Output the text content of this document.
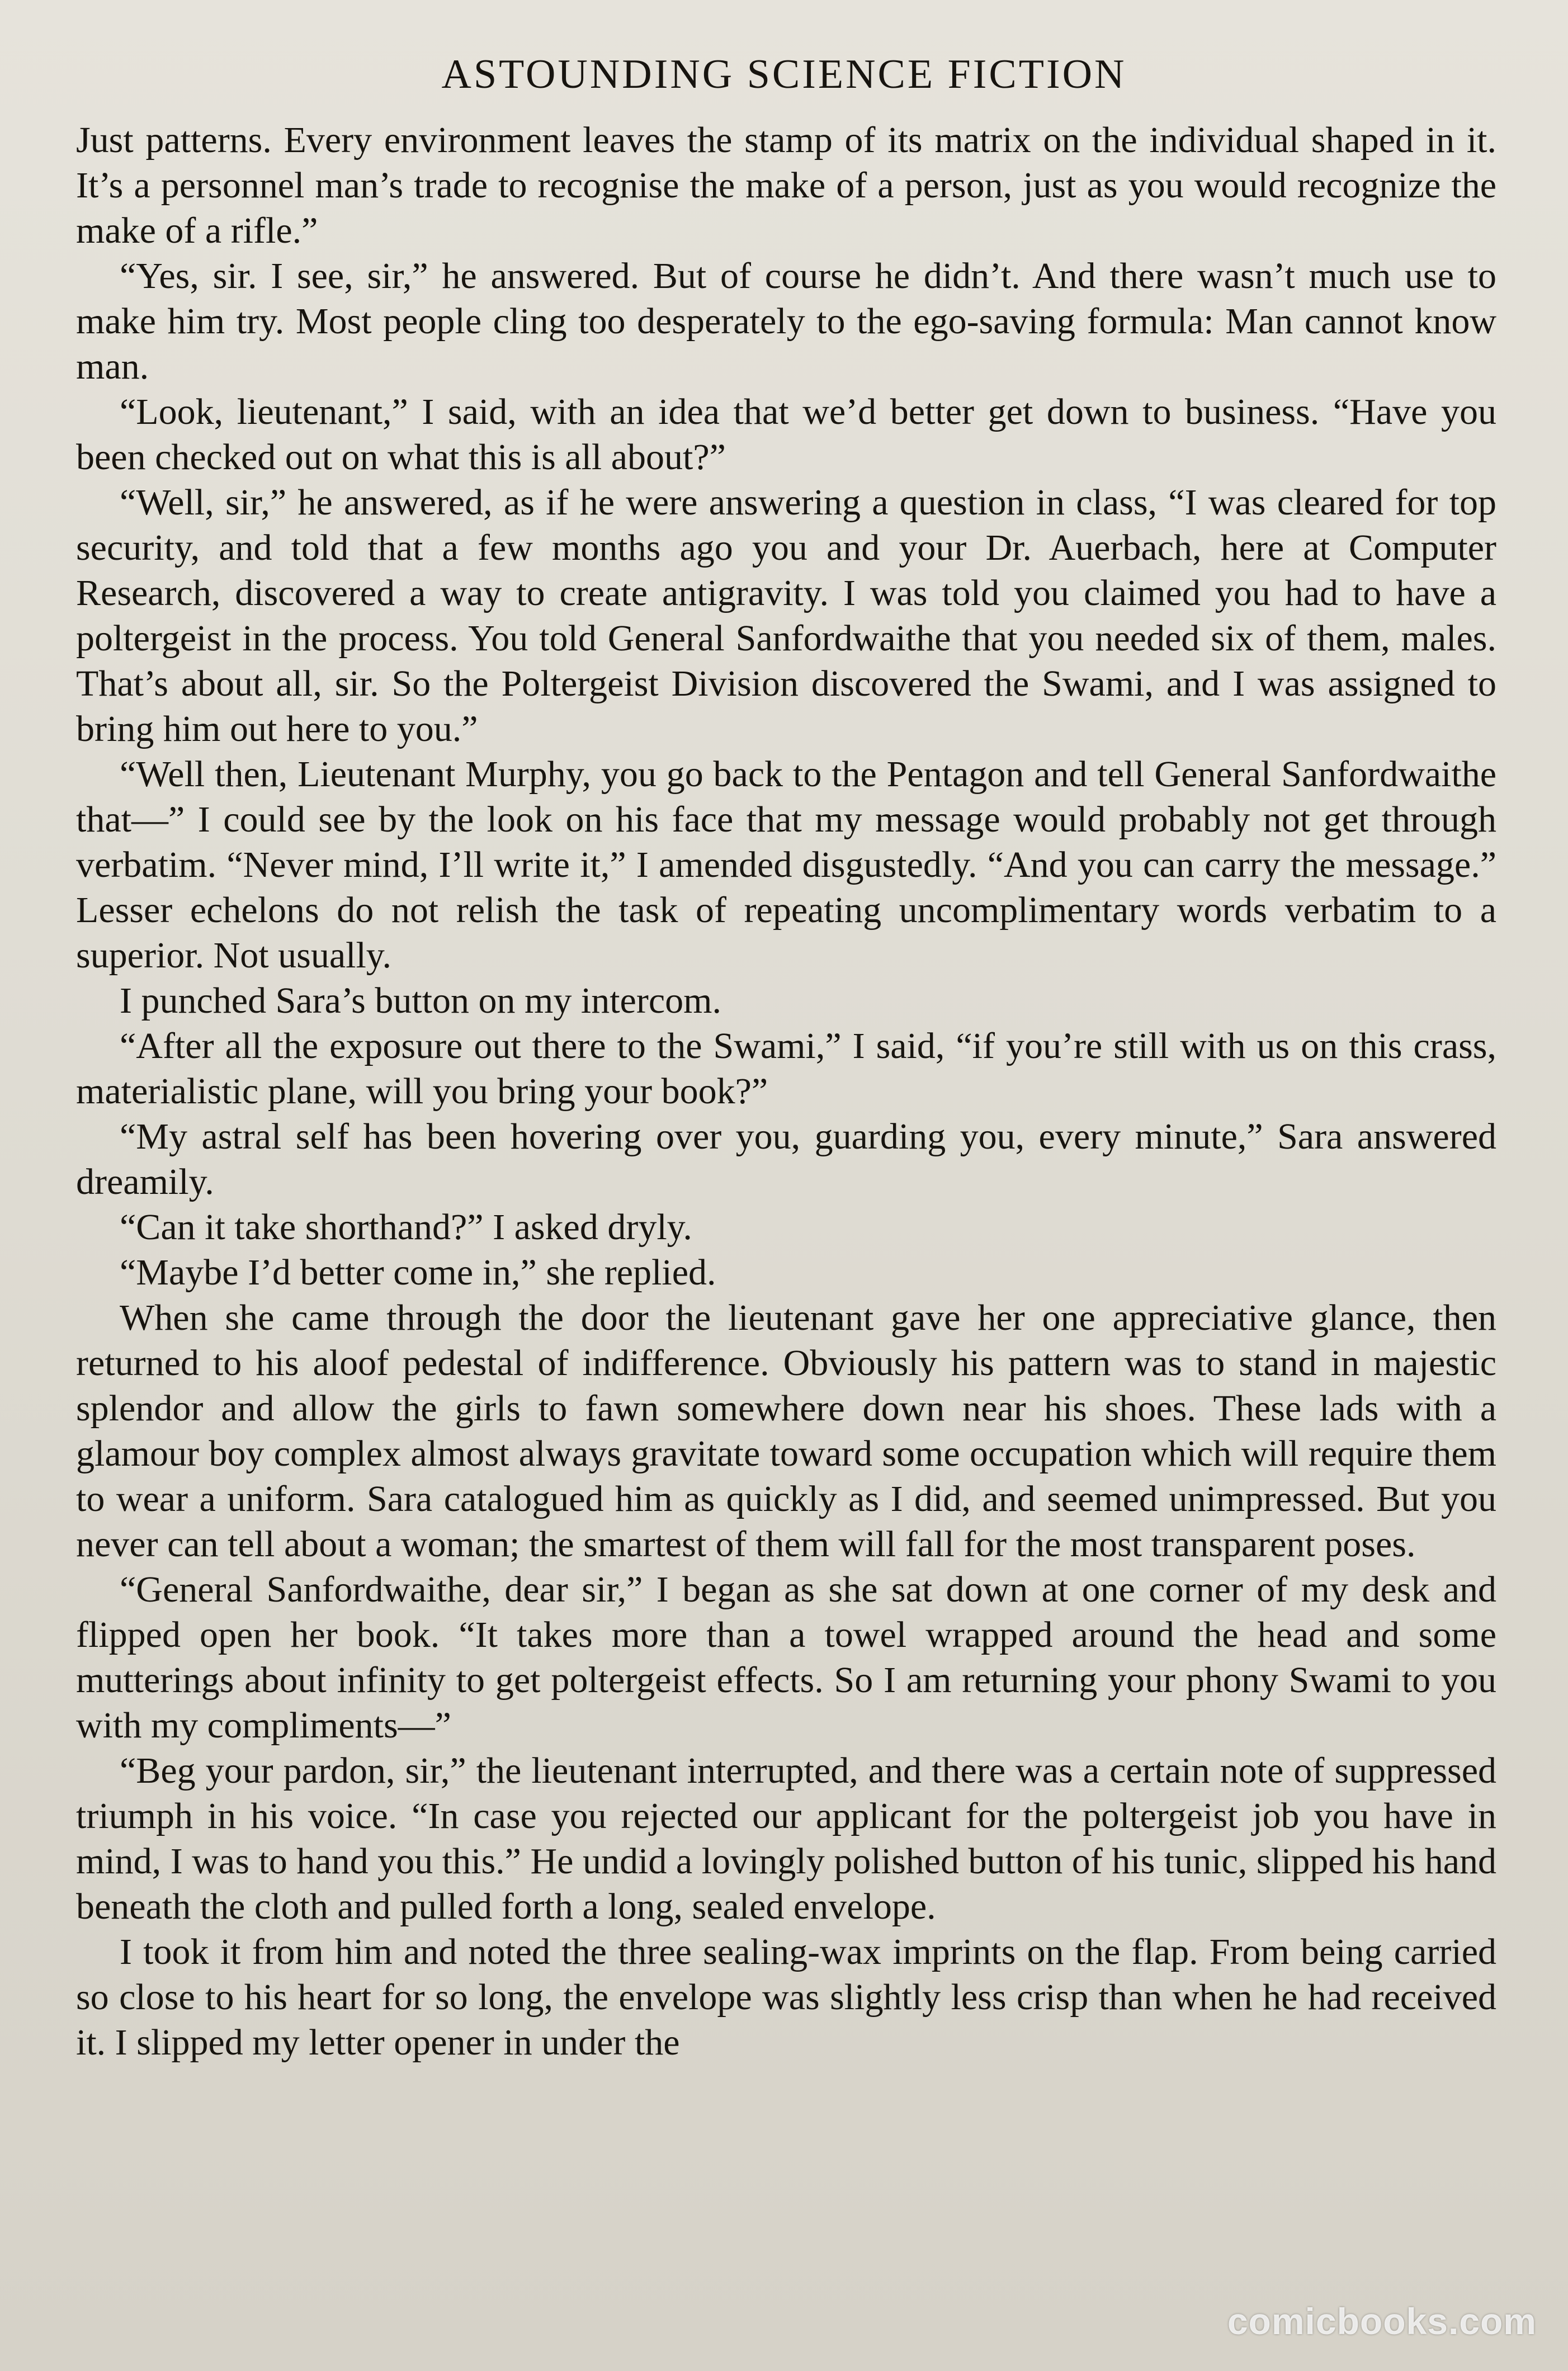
ASTOUNDING SCIENCE FICTION

Just patterns. Every environment leaves the stamp of its matrix on the individual shaped in it. It’s a personnel man’s trade to recognise the make of a person, just as you would recognize the make of a rifle.”

“Yes, sir. I see, sir,” he answered. But of course he didn’t. And there wasn’t much use to make him try. Most people cling too desperately to the ego-saving formula: Man cannot know man.

“Look, lieutenant,” I said, with an idea that we’d better get down to business. “Have you been checked out on what this is all about?”

“Well, sir,” he answered, as if he were answering a question in class, “I was cleared for top security, and told that a few months ago you and your Dr. Auerbach, here at Computer Research, discovered a way to create antigravity. I was told you claimed you had to have a poltergeist in the process. You told General Sanfordwaithe that you needed six of them, males. That’s about all, sir. So the Poltergeist Division discovered the Swami, and I was assigned to bring him out here to you.”

“Well then, Lieutenant Murphy, you go back to the Pentagon and tell General Sanfordwaithe that—” I could see by the look on his face that my message would probably not get through verbatim. “Never mind, I’ll write it,” I amended disgustedly. “And you can carry the message.” Lesser echelons do not relish the task of repeating uncomplimentary words verbatim to a superior. Not usually.

I punched Sara’s button on my intercom.

“After all the exposure out there to the Swami,” I said, “if you’re still with us on this crass, materialistic plane, will you bring your book?”

“My astral self has been hovering over you, guarding you, every minute,” Sara answered dreamily.

“Can it take shorthand?” I asked dryly.

“Maybe I’d better come in,” she replied.

When she came through the door the lieutenant gave her one appreciative glance, then returned to his aloof pedestal of indifference. Obviously his pattern was to stand in majestic splendor and allow the girls to fawn somewhere down near his shoes. These lads with a glamour boy complex almost always gravitate toward some occupation which will require them to wear a uniform. Sara catalogued him as quickly as I did, and seemed unimpressed. But you never can tell about a woman; the smartest of them will fall for the most transparent poses.

“General Sanfordwaithe, dear sir,” I began as she sat down at one corner of my desk and flipped open her book. “It takes more than a towel wrapped around the head and some mutterings about infinity to get poltergeist effects. So I am returning your phony Swami to you with my compliments—”

“Beg your pardon, sir,” the lieutenant interrupted, and there was a certain note of suppressed triumph in his voice. “In case you rejected our applicant for the poltergeist job you have in mind, I was to hand you this.” He undid a lovingly polished button of his tunic, slipped his hand beneath the cloth and pulled forth a long, sealed envelope.

I took it from him and noted the three sealing-wax imprints on the flap. From being carried so close to his heart for so long, the envelope was slightly less crisp than when he had received it. I slipped my letter opener in under the

comicbooks.com
